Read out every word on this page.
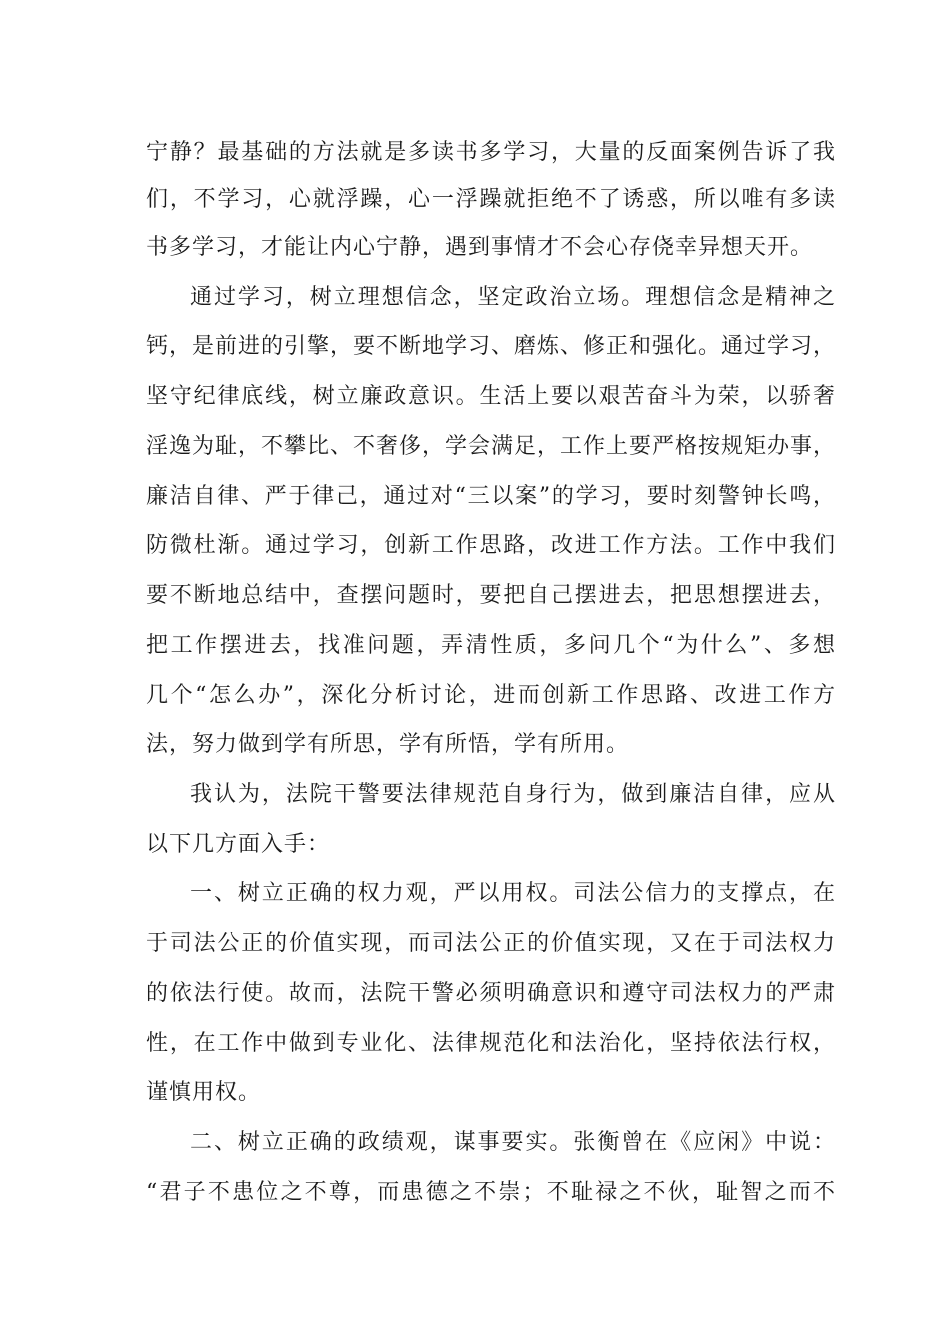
宁静？最基础的方法就是多读书多学习，大量的反面案例告诉了我
们，不学习，心就浮躁，心一浮躁就拒绝不了诱惑，所以唯有多读
书多学习，才能让内心宁静，遇到事情才不会心存侥幸异想天开。
通过学习，树立理想信念，坚定政治立场。理想信念是精神之
钙，是前进的引擎，要不断地学习、磨炼、修正和强化。通过学习，
坚守纪律底线，树立廉政意识。生活上要以艰苦奋斗为荣，以骄奢
淫逸为耻，不攀比、不奢侈，学会满足，工作上要严格按规矩办事，
廉洁自律、严于律己，通过对“三以案”的学习，要时刻警钟长鸣，
防微杜渐。通过学习，创新工作思路，改进工作方法。工作中我们
要不断地总结中，查摆问题时，要把自己摆进去，把思想摆进去，
把工作摆进去，找准问题，弄清性质，多问几个“为什么”、多想
几个“怎么办”，深化分析讨论，进而创新工作思路、改进工作方
法，努力做到学有所思，学有所悟，学有所用。
我认为，法院干警要法律规范自身行为，做到廉洁自律，应从
以下几方面入手：
一、树立正确的权力观，严以用权。司法公信力的支撑点，在
于司法公正的价值实现，而司法公正的价值实现，又在于司法权力
的依法行使。故而，法院干警必须明确意识和遵守司法权力的严肃
性，在工作中做到专业化、法律规范化和法治化，坚持依法行权，
谨慎用权。
二、树立正确的政绩观，谋事要实。张衡曾在《应闲》中说：
“君子不患位之不尊，而患德之不崇；不耻禄之不伙，耻智之而不
